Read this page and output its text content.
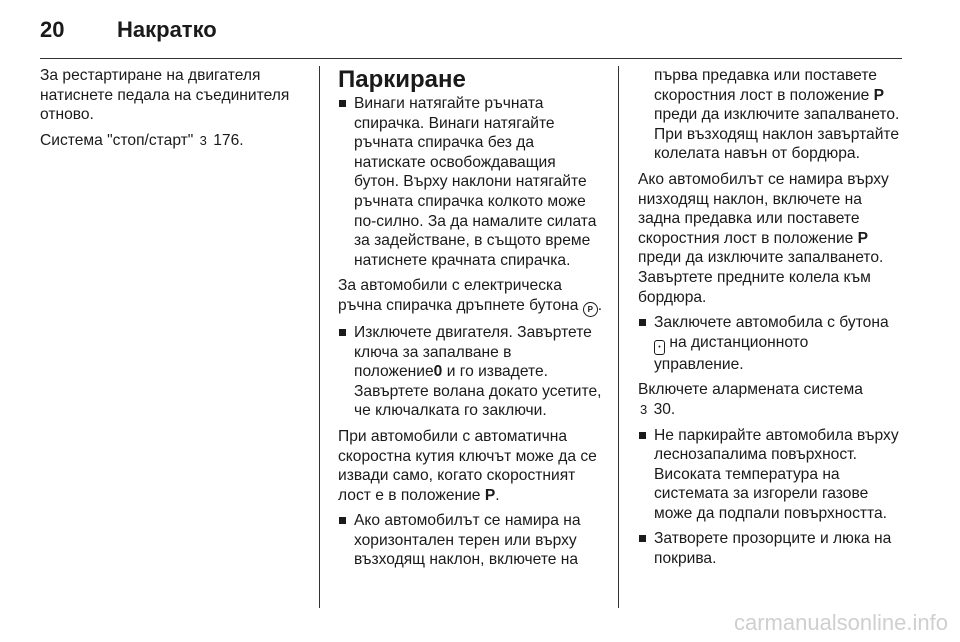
20	Накратко

За рестартиране на двигателя натиснете педала на съединителя отново.

Система "стоп/старт" 3 176.

Паркиране
Винаги натягайте ръчната спирачка. Винаги натягайте ръчната спирачка без да натискате освобождаващия бутон. Върху наклони натягайте ръчната спирачка колкото може по-силно. За да намалите силата за задействане, в същото време натиснете крачната спирачка.

За автомобили с електрическа ръчна спирачка дръпнете бутона P .

Изключете двигателя. Завъртете ключа за запалване в положение0 и го извадете. Завъртете волана докато усетите, че ключалката го заключи.

При автомобили с автоматична скоростна кутия ключът може да се извади само, когато скоростният лост е в положение P.

Ако автомобилът се намира на хоризонтален терен или върху възходящ наклон, включете на

първа предавка или поставете скоростния лост в положение P преди да изключите запалването. При възходящ наклон завъртайте колелата навън от бордюра.

Ако автомобилът се намира върху низходящ наклон, включете на задна предавка или поставете скоростния лост в положение P преди да изключите запалването. Завъртете предните колела към бордюра.

Заключете автомобила с бутона • на дистанционното управление.

Включете алармената система
3 30.

Не паркирайте автомобила върху леснозапалима повърхност. Високата температура на системата за изгорели газове може да подпали повърхността.
Затворете прозорците и люка на покрива.
carmanualsonline.info
